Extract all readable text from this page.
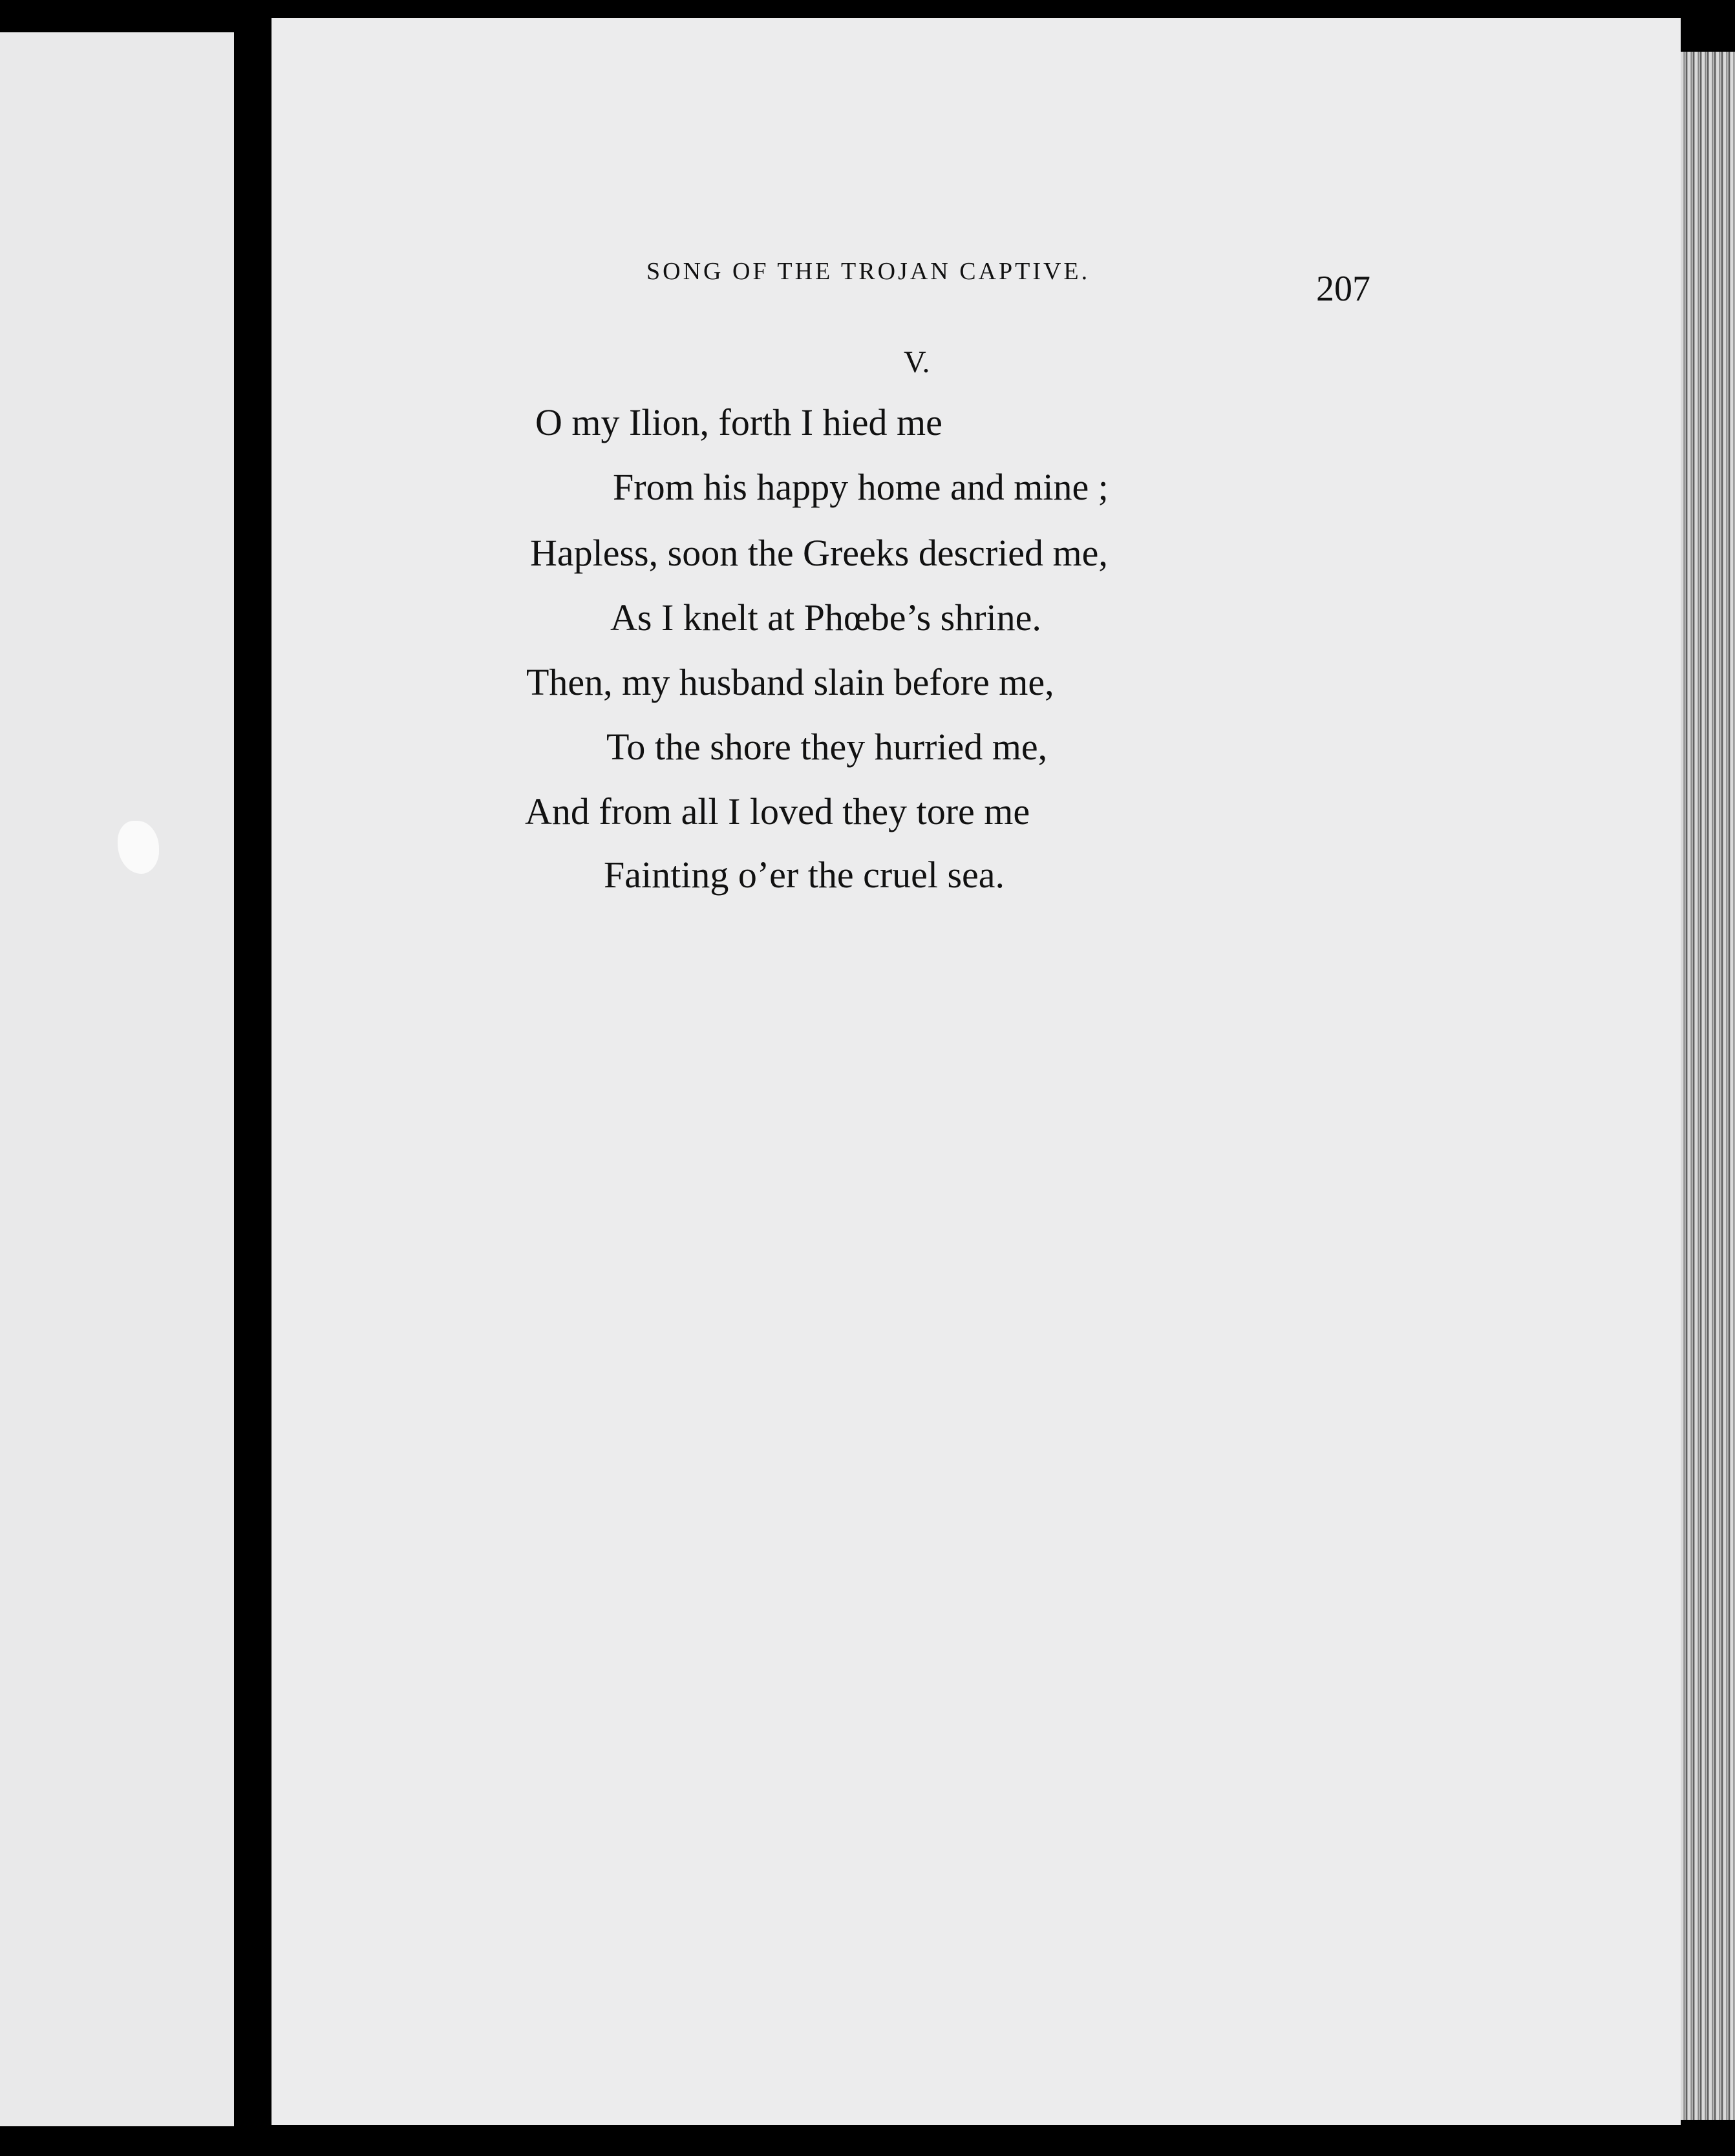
SONG OF THE TROJAN CAPTIVE.	207
V.
O my Ilion, forth I hied me
From his happy home and mine ;
Hapless, soon the Greeks descried me,
As I knelt at Phœbe’s shrine.
Then, my husband slain before me,
To the shore they hurried me,
And from all I loved they tore me
Fainting o’er the cruel sea.
